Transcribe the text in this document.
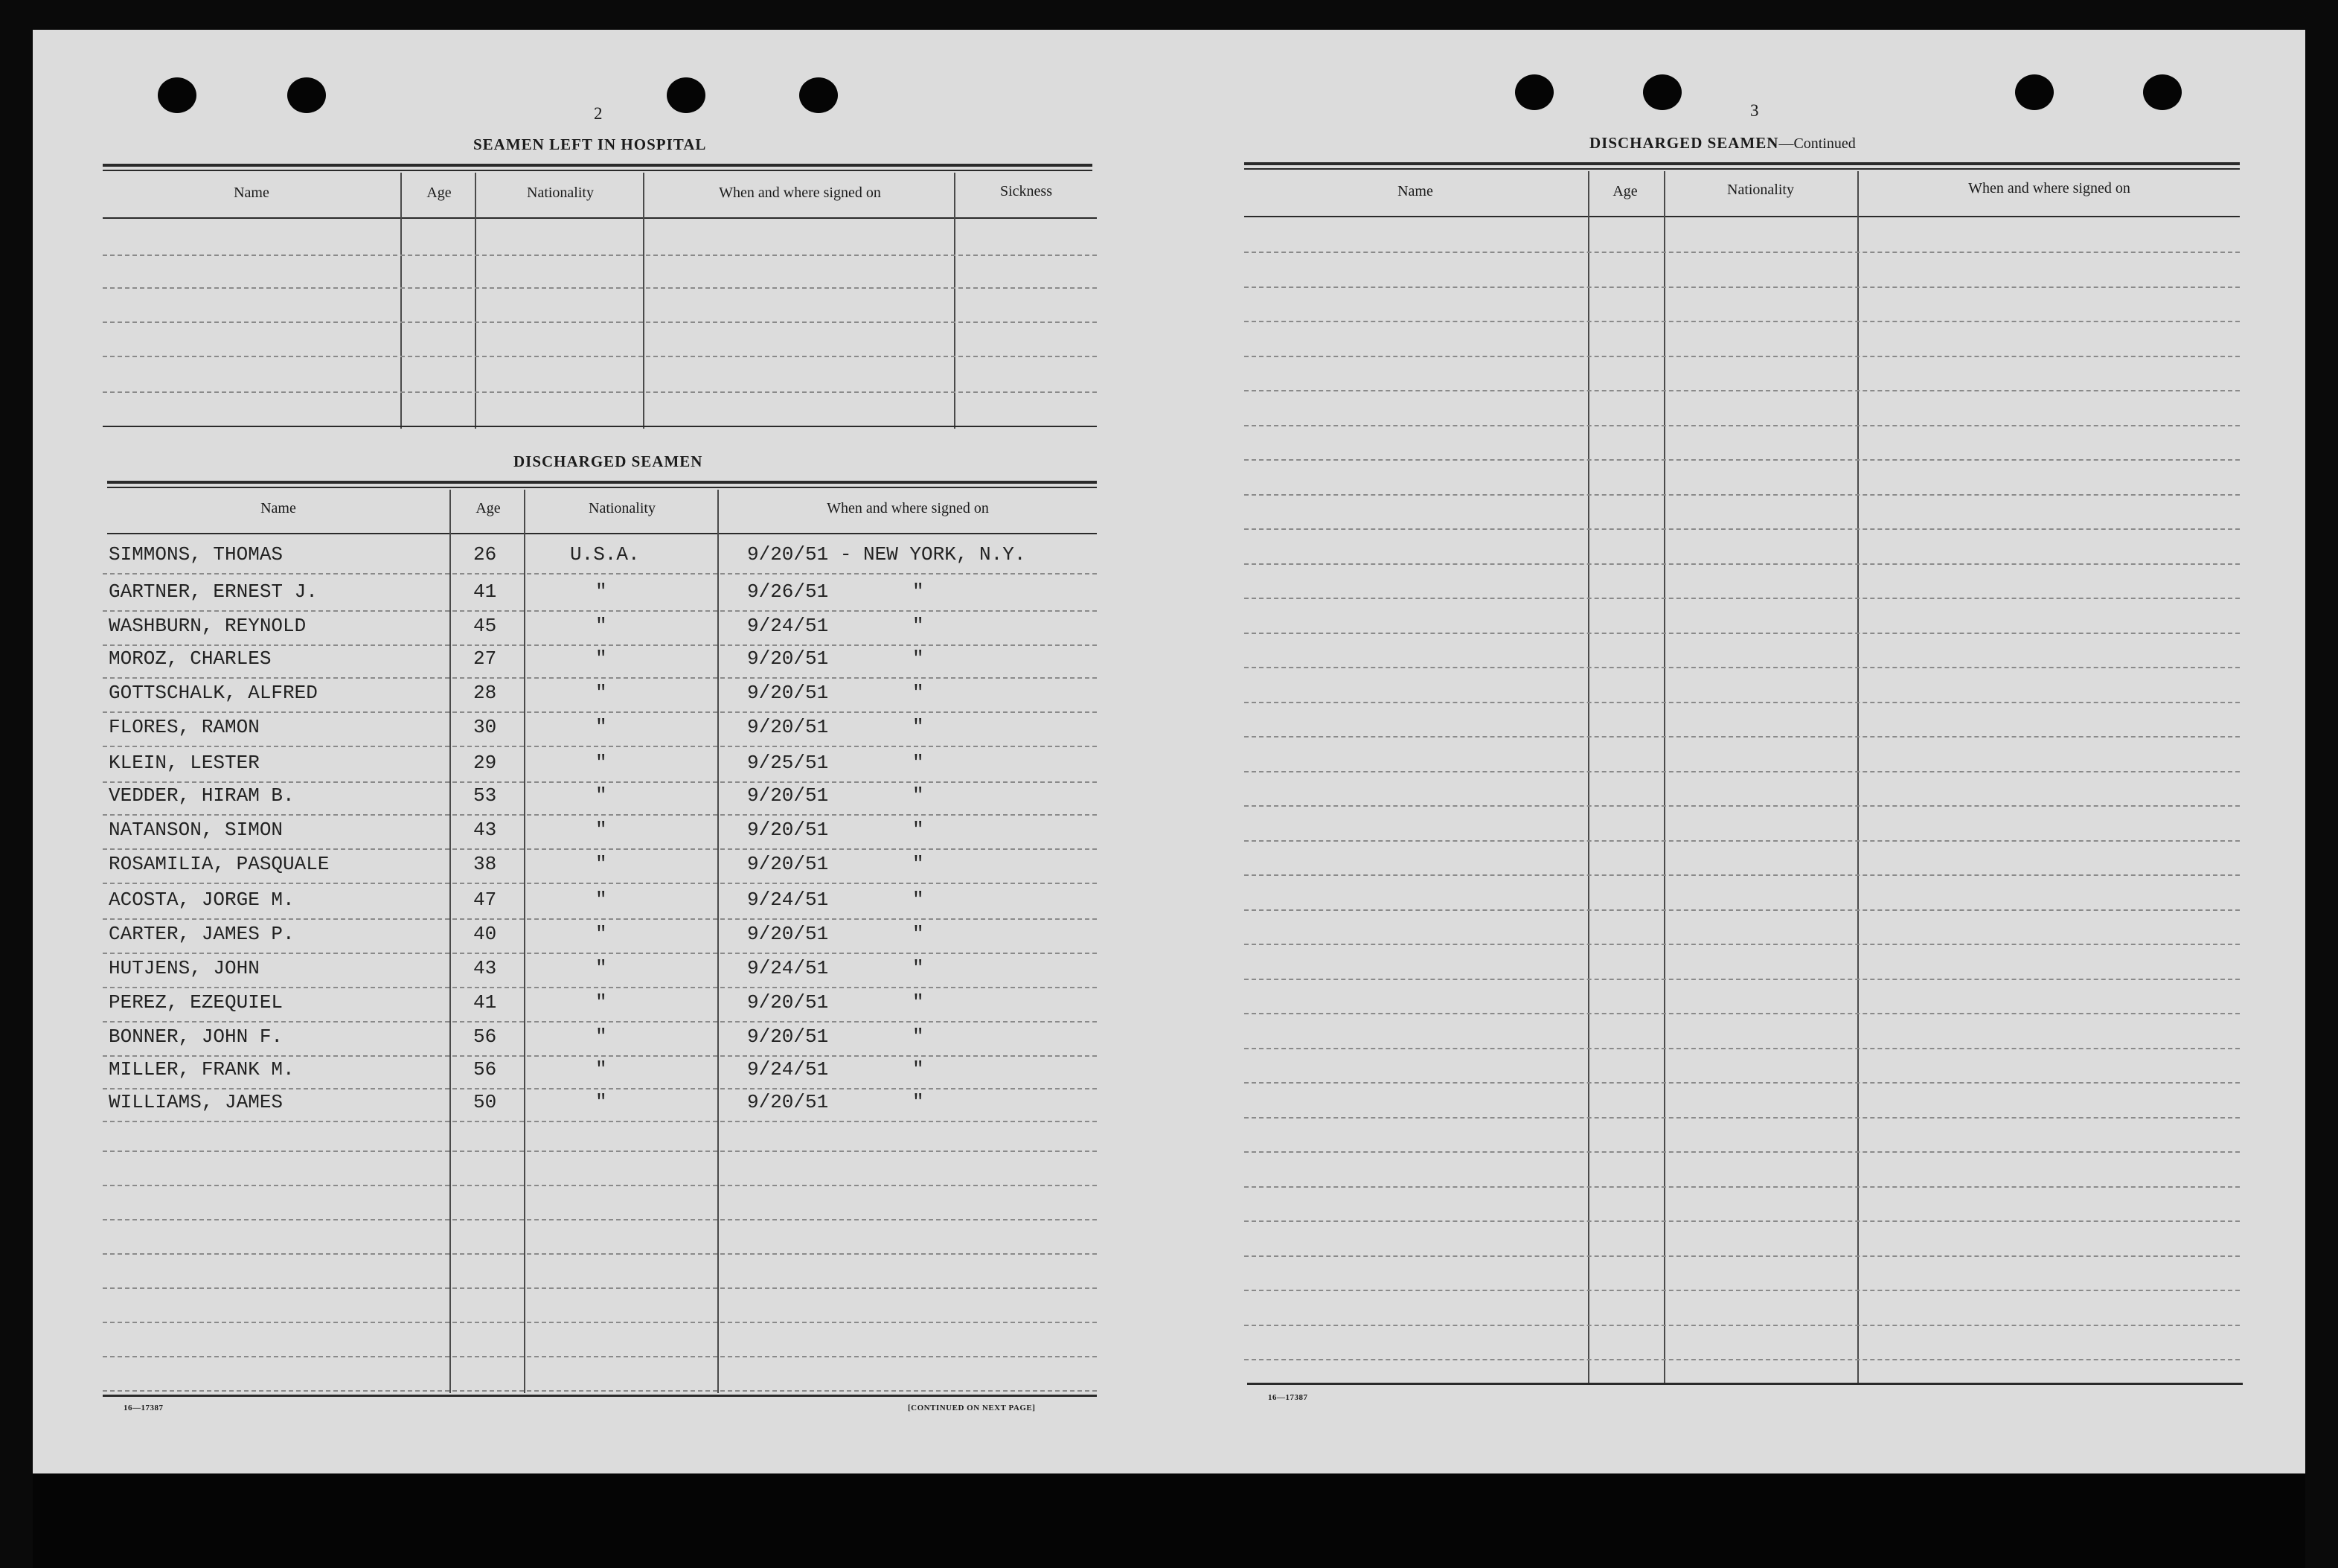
2
SEAMEN LEFT IN HOSPITAL
Name	Age	Nationality	When and where signed on	Sickness
DISCHARGED SEAMEN
Name	Age	Nationality	When and where signed on
SIMMONS, THOMAS	26	U.S.A.	9/20/51 - NEW YORK, N.Y.
GARTNER, ERNEST J.	41	"	9/26/51	"
WASHBURN, REYNOLD	45	"	9/24/51	"
MOROZ, CHARLES	27	"	9/20/51	"
GOTTSCHALK, ALFRED	28	"	9/20/51	"
FLORES, RAMON	30	"	9/20/51	"
KLEIN, LESTER	29	"	9/25/51	"
VEDDER, HIRAM B.	53	"	9/20/51	"
NATANSON, SIMON	43	"	9/20/51	"
ROSAMILIA, PASQUALE	38	"	9/20/51	"
ACOSTA, JORGE M.	47	"	9/24/51	"
CARTER, JAMES P.	40	"	9/20/51	"
HUTJENS, JOHN	43	"	9/24/51	"
PEREZ, EZEQUIEL	41	"	9/20/51	"
BONNER, JOHN F.	56	"	9/20/51	"
MILLER, FRANK M.	56	"	9/24/51	"
WILLIAMS, JAMES	50	"	9/20/51	"
16—17387	[CONTINUED ON NEXT PAGE]
3
DISCHARGED SEAMEN—Continued
Name	Age	Nationality	When and where signed on
16—17387
